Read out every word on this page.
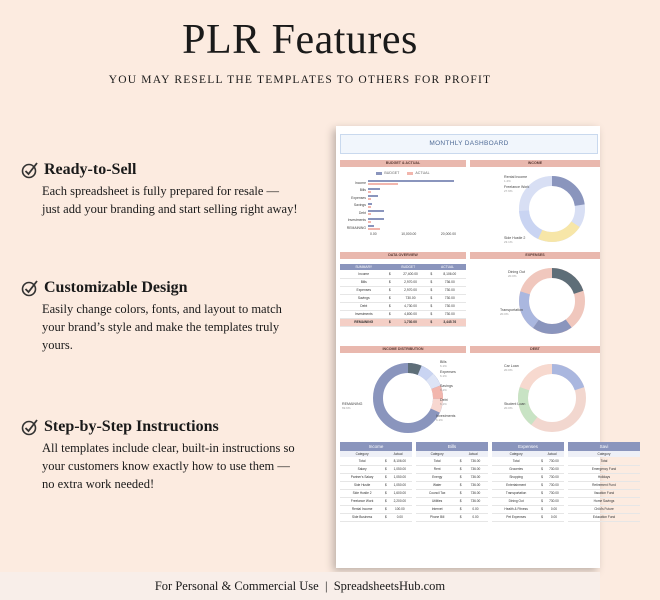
PLR Features
YOU MAY RESELL THE TEMPLATES TO OTHERS FOR PROFIT
Ready-to-Sell
Each spreadsheet is fully prepared for resale — just add your branding and start selling right away!
Customizable Design
Easily change colors, fonts, and layout to match your brand’s style and make the templates truly yours.
Step-by-Step Instructions
All templates include clear, built-in instructions so your customers know exactly how to use them — no extra work needed!
MONTHLY DASHBOARD
BUDGET & ACTUAL
BUDGET	ACTUAL
Income
Bills
Expenses
Savings
Debt
Investments
REMAINING
0.00	10,000.00	20,000.00
INCOME
Rental Income
1.2%
Freelance Work
27.9%
Side Hustle 2
23.1%
DATA OVERVIEW
SUMMARY	BUDGET		ACTUAL	
Income	$	27,400.00	$	8,106.00
Bills	$	2,970.00	$	736.00
Expenses	$	2,970.00	$	730.00
Savings	$	730.00	$	730.00
Debt	$	4,730.00	$	730.00
Investments	$	4,800.00	$	730.00
REMAINING	$	1,730.00	$	3,445.76
EXPENSES
Dining Out
20.0%
Transportation
20.0%
INCOME DISTRIBUTION
Bills
6.1%
Expenses
6.1%
Savings
6.1%
Debt
6.1%
Investments
6.1%
REMAINING
69.6%
DEBT
Car Loan
20.0%
Student Loan
20.0%
Income
Category	Actual	
Total	$	8,106.00
Salary	$	1,050.00
Partner's Salary	$	1,050.00
Side Hustle	$	1,050.00
Side Hustle 2	$	1,600.00
Freelance Work	$	2,200.00
Rental Income	$	100.00
Side Business	$	0.00
Bills
Category	Actual	
Total	$	736.00
Rent	$	736.00
Energy	$	736.00
Water	$	736.00
Council Tax	$	736.00
Utilities	$	736.00
Internet	$	0.00
Phone Bill	$	0.00
Expenses
Category	Actual	
Total	$	730.00
Groceries	$	730.00
Shopping	$	730.00
Entertainment	$	730.00
Transportation	$	730.00
Dining Out	$	730.00
Health & Fitness	$	0.00
Pet Expenses	$	0.00
Savi
Category
Total
Emergency Fund
Holidays
Retirement Fund
Vacation Fund
Home Savings
Child's Future
Education Fund
For Personal & Commercial Use | SpreadsheetsHub.com
